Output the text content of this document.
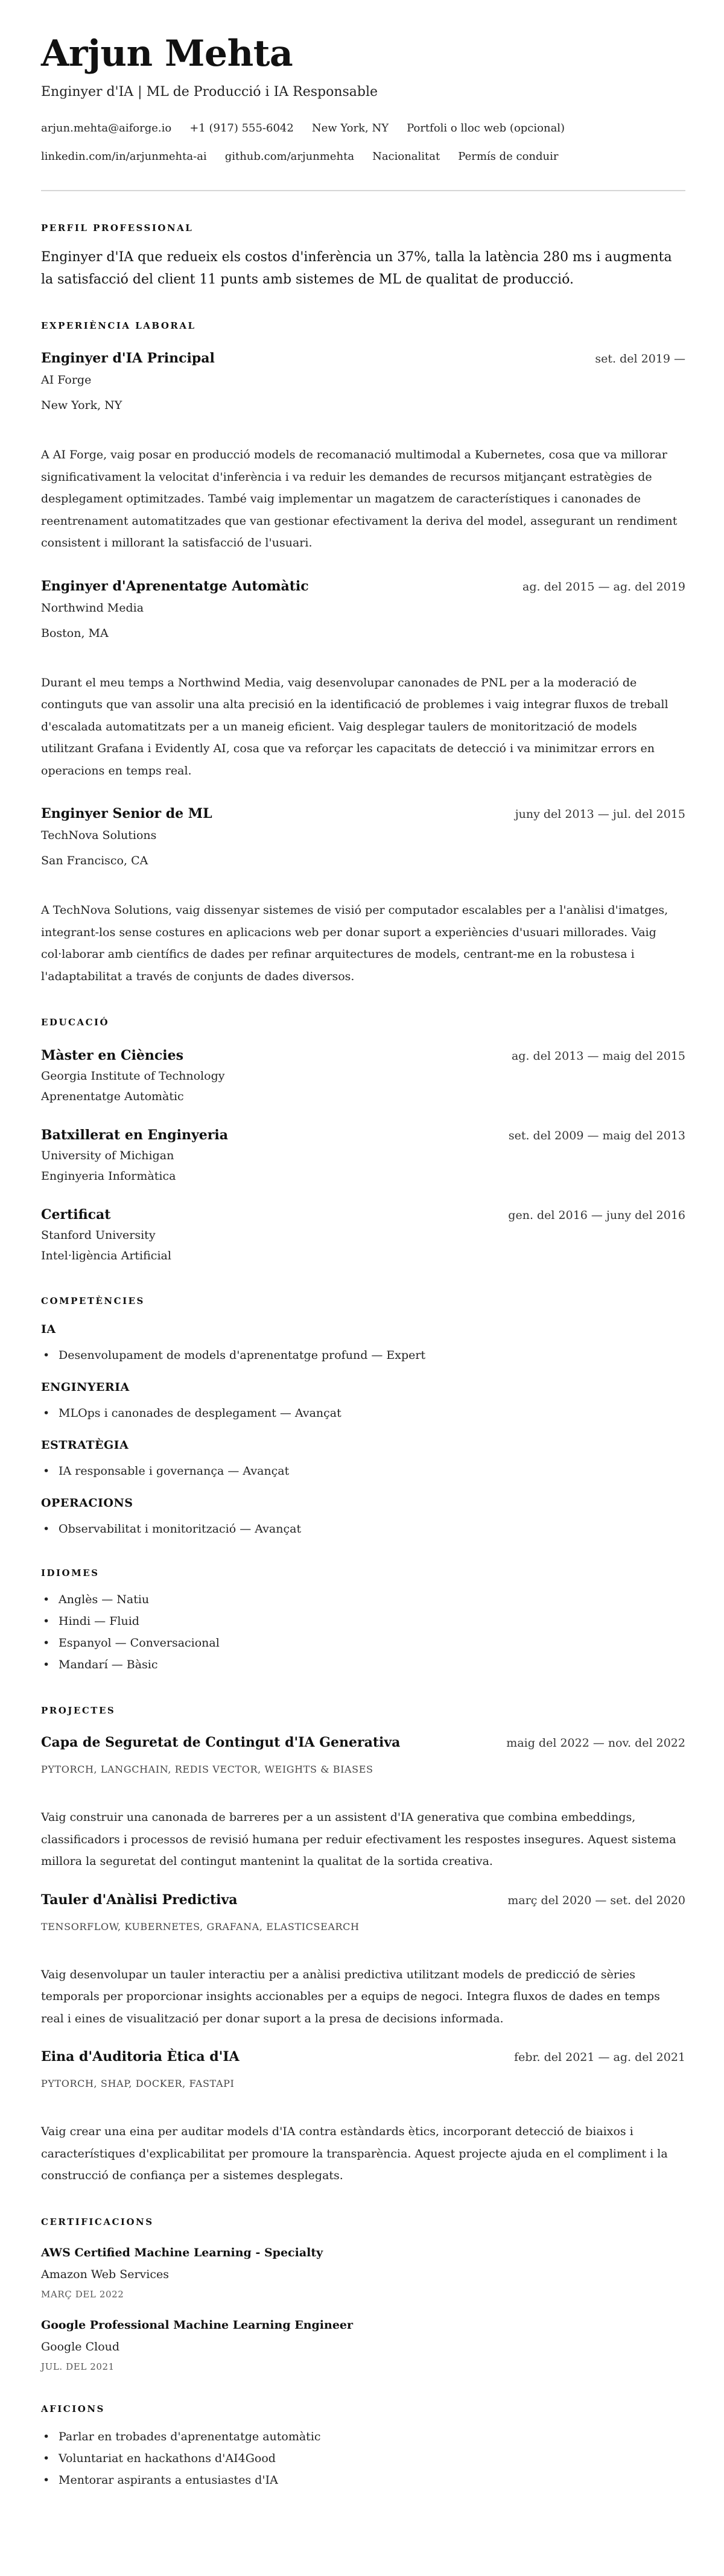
Arjun Mehta
Enginyer d'IA | ML de Producció i IA Responsable
arjun.mehta@aiforge.io +1 (917) 555-6042 New York, NY Portfoli o lloc web (opcional)
linkedin.com/in/arjunmehta-ai github.com/arjunmehta Nacionalitat Permís de conduir
PERFIL PROFESSIONAL

Enginyer d'IA que redueix els costos d'inferència un 37%, talla la latència 280 ms i augmenta la satisfacció del client 11 punts amb sistemes de ML de qualitat de producció.

EXPERIÈNCIA LABORAL
Enginyer d'IA Principal	set. del 2019 —
AI Forge
New York, NY

A AI Forge, vaig posar en producció models de recomanació multimodal a Kubernetes, cosa que va millorar significativament la velocitat d'inferència i va reduir les demandes de recursos mitjançant estratègies de desplegament optimitzades. També vaig implementar un magatzem de característiques i canonades de reentrenament automatitzades que van gestionar efectivament la deriva del model, assegurant un rendiment consistent i millorant la satisfacció de l'usuari.

Enginyer d'Aprenentatge Automàtic	ag. del 2015 — ag. del 2019
Northwind Media
Boston, MA

Durant el meu temps a Northwind Media, vaig desenvolupar canonades de PNL per a la moderació de continguts que van assolir una alta precisió en la identificació de problemes i vaig integrar fluxos de treball d'escalada automatitzats per a un maneig eficient. Vaig desplegar taulers de monitorització de models utilitzant Grafana i Evidently AI, cosa que va reforçar les capacitats de detecció i va minimitzar errors en operacions en temps real.

Enginyer Senior de ML	juny del 2013 — jul. del 2015
TechNova Solutions
San Francisco, CA

A TechNova Solutions, vaig dissenyar sistemes de visió per computador escalables per a l'anàlisi d'imatges, integrant-los sense costures en aplicacions web per donar suport a experiències d'usuari millorades. Vaig col·laborar amb científics de dades per refinar arquitectures de models, centrant-me en la robustesa i l'adaptabilitat a través de conjunts de dades diversos.

EDUCACIÓ
Màster en Ciències	ag. del 2013 — maig del 2015
Georgia Institute of Technology
Aprenentatge Automàtic
Batxillerat en Enginyeria	set. del 2009 — maig del 2013
University of Michigan
Enginyeria Informàtica
Certificat	gen. del 2016 — juny del 2016
Stanford University
Intel·ligència Artificial
COMPETÈNCIES
IA
• Desenvolupament de models d'aprenentatge profund — Expert
ENGINYERIA
• MLOps i canonades de desplegament — Avançat
ESTRATÈGIA
• IA responsable i governança — Avançat
OPERACIONS
• Observabilitat i monitorització — Avançat
IDIOMES
• Anglès — Natiu
• Hindi — Fluid
• Espanyol — Conversacional
• Mandarí — Bàsic
PROJECTES
Capa de Seguretat de Contingut d'IA Generativa	maig del 2022 — nov. del 2022
PYTORCH, LANGCHAIN, REDIS VECTOR, WEIGHTS & BIASES

Vaig construir una canonada de barreres per a un assistent d'IA generativa que combina embeddings, classificadors i processos de revisió humana per reduir efectivament les respostes insegures. Aquest sistema millora la seguretat del contingut mantenint la qualitat de la sortida creativa.

Tauler d'Anàlisi Predictiva	març del 2020 — set. del 2020
TENSORFLOW, KUBERNETES, GRAFANA, ELASTICSEARCH

Vaig desenvolupar un tauler interactiu per a anàlisi predictiva utilitzant models de predicció de sèries temporals per proporcionar insights accionables per a equips de negoci. Integra fluxos de dades en temps real i eines de visualització per donar suport a la presa de decisions informada.

Eina d'Auditoria Ètica d'IA	febr. del 2021 — ag. del 2021
PYTORCH, SHAP, DOCKER, FASTAPI

Vaig crear una eina per auditar models d'IA contra estàndards ètics, incorporant detecció de biaixos i característiques d'explicabilitat per promoure la transparència. Aquest projecte ajuda en el compliment i la construcció de confiança per a sistemes desplegats.

CERTIFICACIONS
AWS Certified Machine Learning - Specialty
Amazon Web Services
MARÇ DEL 2022
Google Professional Machine Learning Engineer
Google Cloud
JUL. DEL 2021
AFICIONS
• Parlar en trobades d'aprenentatge automàtic
• Voluntariat en hackathons d'AI4Good
• Mentorar aspirants a entusiastes d'IA
